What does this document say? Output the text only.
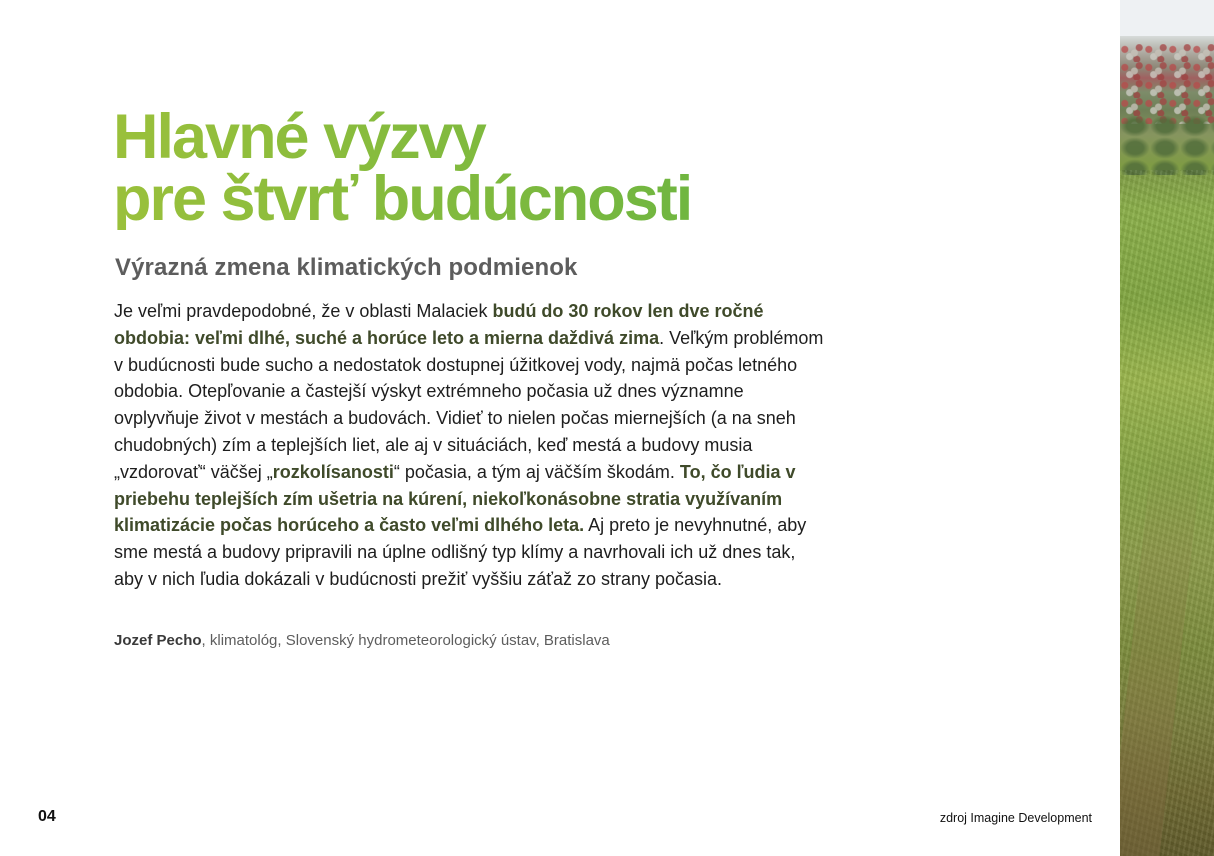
Hlavné výzvy
pre štvrť budúcnosti
Výrazná zmena klimatických podmienok

Je veľmi pravdepodobné, že v oblasti Malaciek budú do 30 rokov len dve ročné obdobia: veľmi dlhé, suché a horúce leto a mierna daždivá zima. Veľkým problémom v budúcnosti bude sucho a nedostatok dostupnej úžitkovej vody, najmä počas letného obdobia. Otepľovanie a častejší výskyt extrémneho počasia už dnes významne ovplyvňuje život v mestách a budovách. Vidieť to nielen počas miernejších (a na sneh chudobných) zím a teplejších liet, ale aj v situáciách, keď mestá a budovy musia „vzdorovať“ väčšej „rozkolísanosti“ počasia, a tým aj väčším škodám. To, čo ľudia v priebehu teplejších zím ušetria na kúrení, niekoľkonásobne stratia využívaním klimatizácie počas horúceho a často veľmi dlhého leta. Aj preto je nevyhnutné, aby sme mestá a budovy pripravili na úplne odlišný typ klímy a navrhovali ich už dnes tak, aby v nich ľudia dokázali v budúcnosti prežiť vyššiu záťaž zo strany počasia.

Jozef Pecho, klimatológ, Slovenský hydrometeorologický ústav, Bratislava

04	zdroj Imagine Development
